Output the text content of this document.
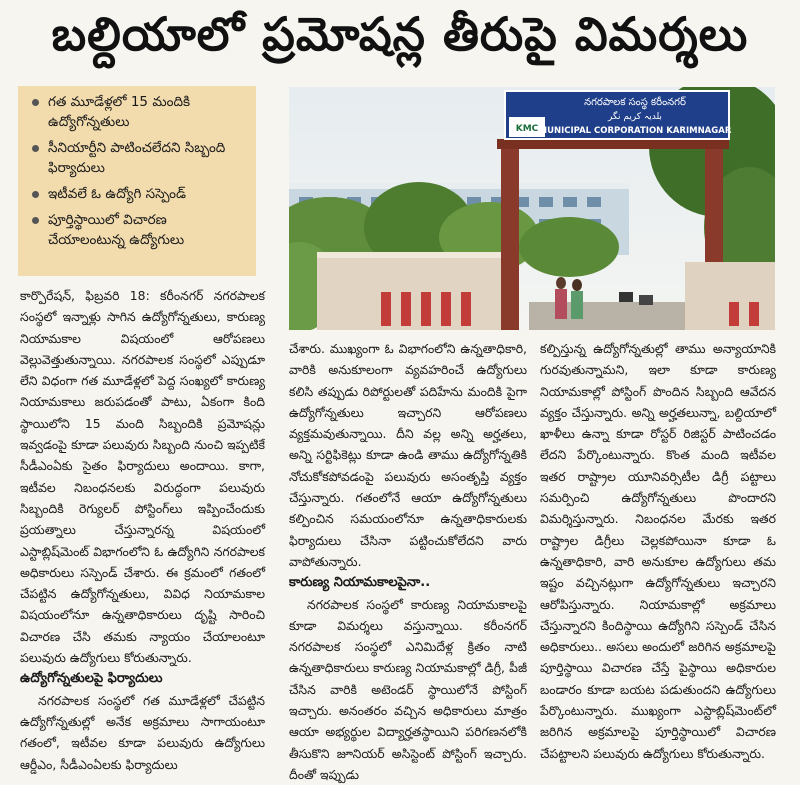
బల్దియాలో ప్రమోషన్ల తీరుపై విమర్శలు
గత మూడేళ్లలో 15 మందికి ఉద్యోగోన్నతులు
సీనియార్టీని పాటించలేదని సిబ్బంది ఫిర్యాదులు
ఇటీవలే ఓ ఉద్యోగి సస్పెండ్
పూర్తిస్థాయిలో విచారణ చేయాలంటున్న ఉద్యోగులు
KMC
నగరపాలక సంస్థ కరీంనగర్
بلدیہ کریم نگر
MUNICIPAL CORPORATION KARIMNAGAR

కార్పొరేషన్‌, ఫిబ్రవరి 18: కరీంనగర్‌ నగరపాలక సంస్థలో ఇన్నాళ్లు సాగిన ఉద్యోగోన్నతులు, కారుణ్య నియామకాల విషయంలో ఆరోపణలు వెల్లువెత్తుతున్నాయి. నగరపాలక సంస్థలో ఎప్పుడూ లేని విధంగా గత మూడేళ్లలో పెద్ద సంఖ్యలో కారుణ్య నియామకాలు జరుపడంతో పాటు, ఏకంగా కింది స్థాయిలోని 15 మంది సిబ్బందికి ప్రమోషన్లు ఇవ్వడంపై కూడా పలువురు సిబ్బంది నుంచి ఇప్పటికే సీడీఎంఏకు సైతం ఫిర్యాదులు అందాయి. కాగా, ఇటీవల నిబంధనలకు విరుద్ధంగా పలువురు సిబ్బందికి రెగ్యులర్‌ పోస్టింగ్‌లు ఇప్పించేందుకు ప్రయత్నాలు చేస్తున్నారన్న విషయంలో ఎస్టాబ్లిష్‌మెంట్‌ విభాగంలోని ఓ ఉద్యోగిని నగరపాలక అధికారులు సస్పెండ్‌ చేశారు. ఈ క్రమంలో గతంలో చేపట్టిన ఉద్యోగోన్నతులు, వివిధ నియామకాల విషయంలోనూ ఉన్నతాధికారులు దృష్టి సారించి విచారణ చేసి తమకు న్యాయం చేయాలంటూ పలువురు ఉద్యోగులు కోరుతున్నారు.

ఉద్యోగోన్నతులపై ఫిర్యాదులు

నగరపాలక సంస్థలో గత మూడేళ్లలో చేపట్టిన ఉద్యోగోన్నతుల్లో అనేక అక్రమాలు సాగాయంటూ గతంలో, ఇటీవల కూడా పలువురు ఉద్యోగులు ఆర్డీఎం, సీడీఎంఏలకు ఫిర్యాదులు

చేశారు. ముఖ్యంగా ఓ విభాగంలోని ఉన్నతాధికారి, వారికి అనుకూలంగా వ్యవహరించే ఉద్యోగులు కలిసి తప్పుడు రిపోర్టులతో పదిహేను మందికి పైగా ఉద్యోగోన్నతులు ఇచ్చారని ఆరోపణలు వ్యక్తమవుతున్నాయి. దీని వల్ల అన్ని అర్హతలు, అన్ని సర్టిఫికెట్లు కూడా ఉండి తాము ఉద్యోగోన్నతికి నోచుకోకపోవడంపై పలువురు అసంతృప్తి వ్యక్తం చేస్తున్నారు. గతంలోనే ఆయా ఉద్యోగోన్నతులు కల్పించిన సమయంలోనూ ఉన్నతాధికారులకు ఫిర్యాదులు చేసినా పట్టించుకోలేదని వారు వాపోతున్నారు.

కారుణ్య నియామకాలపైనా..

నగరపాలక సంస్థలో కారుణ్య నియామకాలపై కూడా విమర్శలు వస్తున్నాయి. కరీంనగర్‌ నగరపాలక సంస్థలో ఎనిమిదేళ్ల క్రితం నాటి ఉన్నతాధికారులు కారుణ్య నియామకాల్లో డిగ్రీ, పీజీ చేసిన వారికి అటెండర్‌ స్థాయిలోనే పోస్టింగ్‌ ఇచ్చారు. అనంతరం వచ్చిన అధికారులు మాత్రం ఆయా అభ్యర్థుల విద్యార్హతస్థాయిని పరిగణనలోకి తీసుకొని జూనియర్‌ అసిస్టెంట్‌ పోస్టింగ్‌ ఇచ్చారు. దీంతో ఇప్పుడు

కల్పిస్తున్న ఉద్యోగోన్నతుల్లో తాము అన్యాయానికి గురవుతున్నామని, ఇలా కూడా కారుణ్య నియామకాల్లో పోస్టింగ్‌ పొందిన సిబ్బంది ఆవేదన వ్యక్తం చేస్తున్నారు. అన్ని అర్హతలున్నా, బల్దియాలో ఖాళీలు ఉన్నా కూడా రోస్టర్‌ రిజిస్టర్‌ పాటించడం లేదని పేర్కొంటున్నారు. కొంత మంది ఇటీవల ఇతర రాష్ట్రాల యూనివర్సిటీల డిగ్రీ పట్టాలు సమర్పించి ఉద్యోగోన్నతులు పొందారని విమర్శిస్తున్నారు. నిబంధనల మేరకు ఇతర రాష్ట్రాల డిగ్రీలు చెల్లకపోయినా కూడా ఓ ఉన్నతాధికారి, వారి అనుకూల ఉద్యోగులు తమ ఇష్టం వచ్చినట్లుగా ఉద్యోగోన్నతులు ఇచ్చారని ఆరోపిస్తున్నారు. నియామకాల్లో అక్రమాలు చేస్తున్నారని కిందిస్థాయి ఉద్యోగిని సస్పెండ్‌ చేసిన అధికారులు.. అసలు అందులో జరిగిన అక్రమాలపై పూర్తిస్థాయి విచారణ చేస్తే పైస్థాయి అధికారుల బండారం కూడా బయట పడుతుందని ఉద్యోగులు పేర్కొంటున్నారు. ముఖ్యంగా ఎస్టాబ్లిష్‌మెంట్‌లో జరిగిన అక్రమాలపై పూర్తిస్థాయిలో విచారణ చేపట్టాలని పలువురు ఉద్యోగులు కోరుతున్నారు.
